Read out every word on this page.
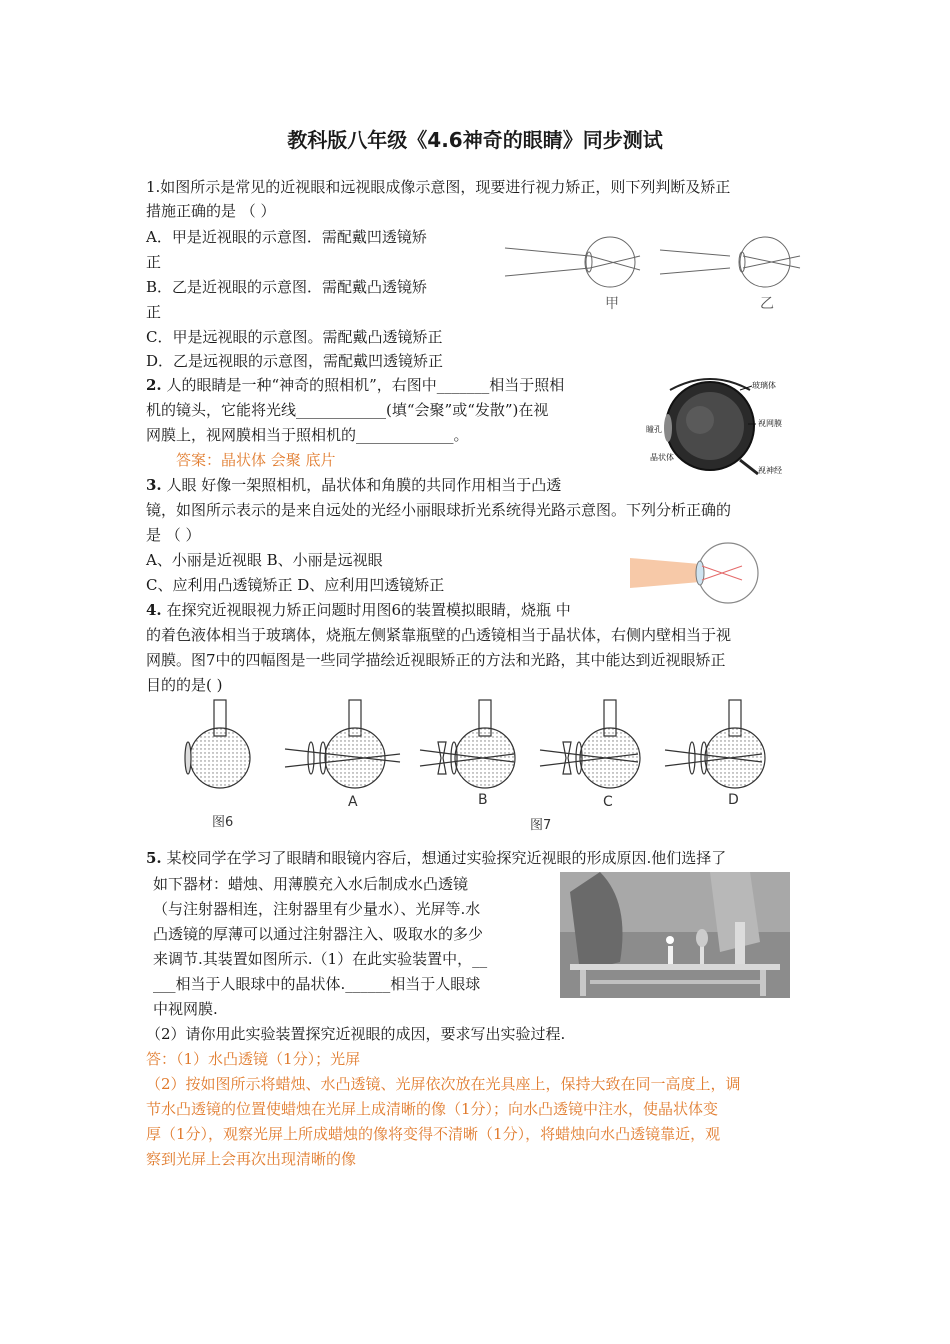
教科版八年级《4.6神奇的眼睛》同步测试
1.如图所示是常见的近视眼和远视眼成像示意图，现要进行视力矫正，则下列判断及矫正
措施正确的是 （ ）
A．甲是近视眼的示意图．需配戴凹透镜矫
正
B．乙是近视眼的示意图．需配戴凸透镜矫
正
C．甲是远视眼的示意图。需配戴凸透镜矫正
D．乙是远视眼的示意图，需配戴凹透镜矫正
甲	乙
2. 人的眼睛是一种“神奇的照相机”，右图中_______相当于照相
机的镜头，它能将光线____________(填“会聚”或“发散”)在视
网膜上，视网膜相当于照相机的_____________。
答案：晶状体 会聚 底片
玻璃体
视网膜
瞳孔
晶状体
视神经
3. 人眼 好像一架照相机，晶状体和角膜的共同作用相当于凸透
镜，如图所示表示的是来自远处的光经小丽眼球折光系统得光路示意图。下列分析正确的
是 （ ）
A、小丽是近视眼 B、小丽是远视眼
C、应利用凸透镜矫正 D、应利用凹透镜矫正
4. 在探究近视眼视力矫正问题时用图6的装置模拟眼睛，烧瓶 中
的着色液体相当于玻璃体，烧瓶左侧紧靠瓶壁的凸透镜相当于晶状体，右侧内壁相当于视
网膜。图7中的四幅图是一些同学描绘近视眼矫正的方法和光路，其中能达到近视眼矫正
目的的是( )
A	B	C	D
图6	图7
5. 某校同学在学习了眼睛和眼镜内容后，想通过实验探究近视眼的形成原因.他们选择了
如下器材：蜡烛、用薄膜充入水后制成水凸透镜
（与注射器相连，注射器里有少量水）、光屏等.水
凸透镜的厚薄可以通过注射器注入、吸取水的多少
来调节.其装置如图所示.（1）在此实验装置中，__
___相当于人眼球中的晶状体.______相当于人眼球
中视网膜.
（2）请你用此实验装置探究近视眼的成因，要求写出实验过程.
答：（1）水凸透镜（1分）；光屏
（2）按如图所示将蜡烛、水凸透镜、光屏依次放在光具座上，保持大致在同一高度上，调
节水凸透镜的位置使蜡烛在光屏上成清晰的像（1分）；向水凸透镜中注水，使晶状体变
厚（1分），观察光屏上所成蜡烛的像将变得不清晰（1分），将蜡烛向水凸透镜靠近，观
察到光屏上会再次出现清晰的像
